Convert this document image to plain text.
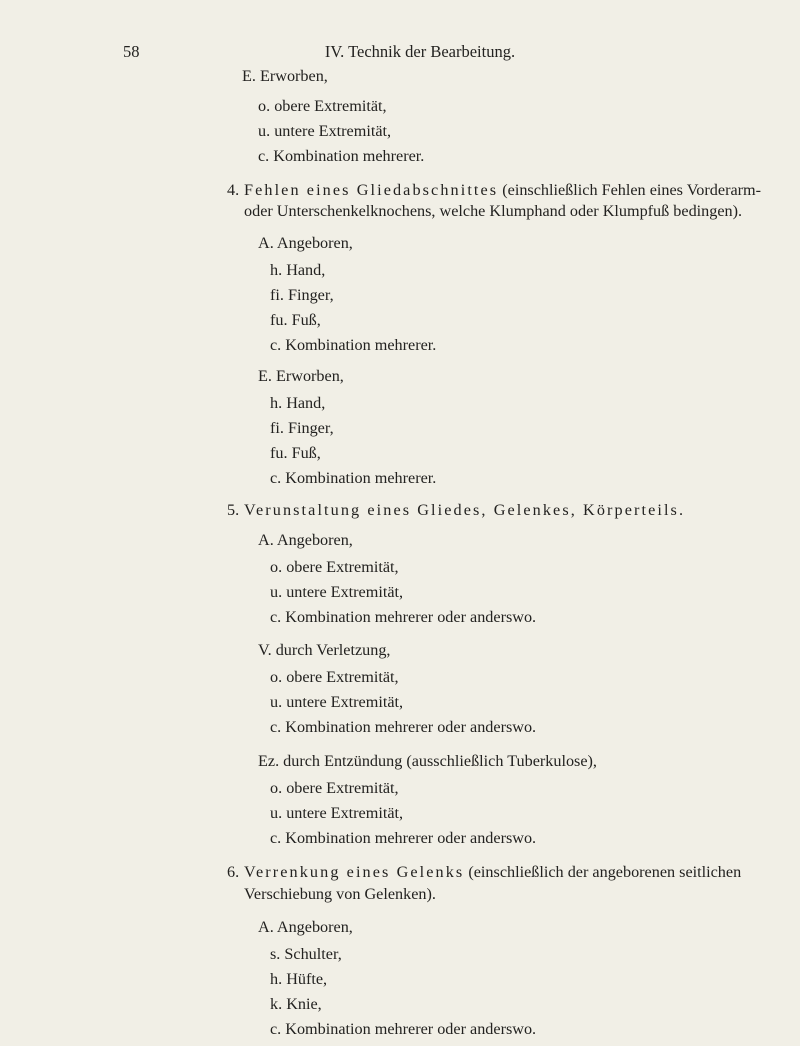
58	IV. Technik der Bearbeitung.
E. Erworben,
o. obere Extremität,
u. untere Extremität,
c. Kombination mehrerer.
4. Fehlen eines Gliedabschnittes (einschließlich Fehlen eines Vorderarm-
oder Unterschenkelknochens, welche Klumphand oder Klumpfuß bedingen).
A. Angeboren,
h. Hand,
fi. Finger,
fu. Fuß,
c. Kombination mehrerer.
E. Erworben,
h. Hand,
fi. Finger,
fu. Fuß,
c. Kombination mehrerer.
5. Verunstaltung eines Gliedes, Gelenkes, Körperteils.
A. Angeboren,
o. obere Extremität,
u. untere Extremität,
c. Kombination mehrerer oder anderswo.
V. durch Verletzung,
o. obere Extremität,
u. untere Extremität,
c. Kombination mehrerer oder anderswo.
Ez. durch Entzündung (ausschließlich Tuberkulose),
o. obere Extremität,
u. untere Extremität,
c. Kombination mehrerer oder anderswo.
6. Verrenkung eines Gelenks (einschließlich der angeborenen seitlichen
Verschiebung von Gelenken).
A. Angeboren,
s. Schulter,
h. Hüfte,
k. Knie,
c. Kombination mehrerer oder anderswo.
